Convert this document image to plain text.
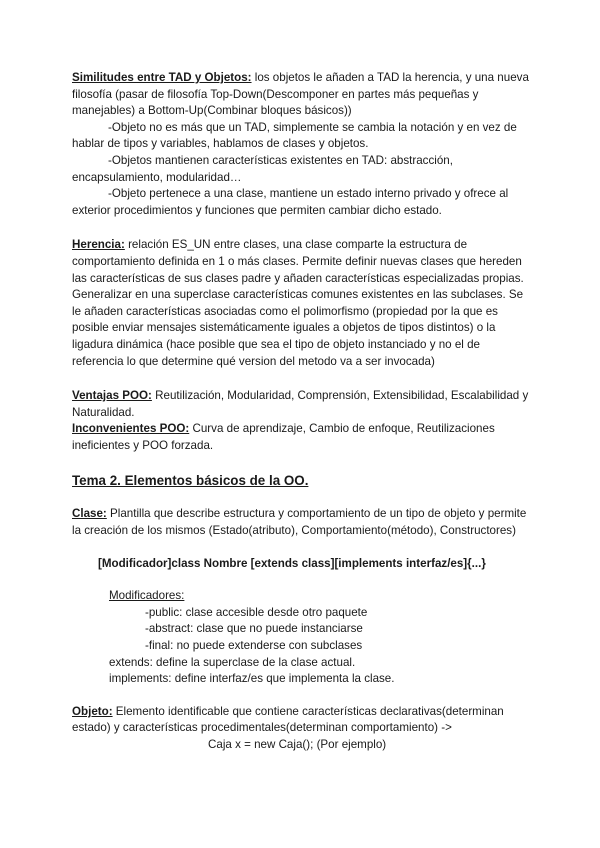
Similitudes entre TAD y Objetos: los objetos le añaden a TAD la herencia, y una nueva filosofía (pasar de filosofía Top-Down(Descomponer en partes más pequeñas y manejables) a Bottom-Up(Combinar bloques básicos))

-Objeto no es más que un TAD, simplemente se cambia la notación y en vez de hablar de tipos y variables, hablamos de clases y objetos.

-Objetos mantienen características existentes en TAD: abstracción, encapsulamiento, modularidad…

-Objeto pertenece a una clase, mantiene un estado interno privado y ofrece al exterior procedimientos y funciones que permiten cambiar dicho estado.

Herencia: relación ES_UN entre clases, una clase comparte la estructura de comportamiento definida en 1 o más clases. Permite definir nuevas clases que hereden las características de sus clases padre y añaden características especializadas propias. Generalizar en una superclase características comunes existentes en las subclases. Se le añaden características asociadas como el polimorfismo (propiedad por la que es posible enviar mensajes sistemáticamente iguales a objetos de tipos distintos) o la ligadura dinámica (hace posible que sea el tipo de objeto instanciado y no el de referencia lo que determine qué version del metodo va a ser invocada)

Ventajas POO: Reutilización, Modularidad, Comprensión, Extensibilidad, Escalabilidad y Naturalidad.

Inconvenientes POO: Curva de aprendizaje, Cambio de enfoque, Reutilizaciones ineficientes y POO forzada.

Tema 2. Elementos básicos de la OO.

Clase: Plantilla que describe estructura y comportamiento de un tipo de objeto y permite la creación de los mismos (Estado(atributo), Comportamiento(método), Constructores)

[Modificador]class Nombre [extends class][implements interfaz/es]{...}

Modificadores:

-public: clase accesible desde otro paquete

-abstract: clase que no puede instanciarse

-final: no puede extenderse con subclases

extends: define la superclase de la clase actual.

implements: define interfaz/es que implementa la clase.

Objeto: Elemento identificable que contiene características declarativas(determinan estado) y características procedimentales(determinan comportamiento) ->

Caja x = new Caja(); (Por ejemplo)
